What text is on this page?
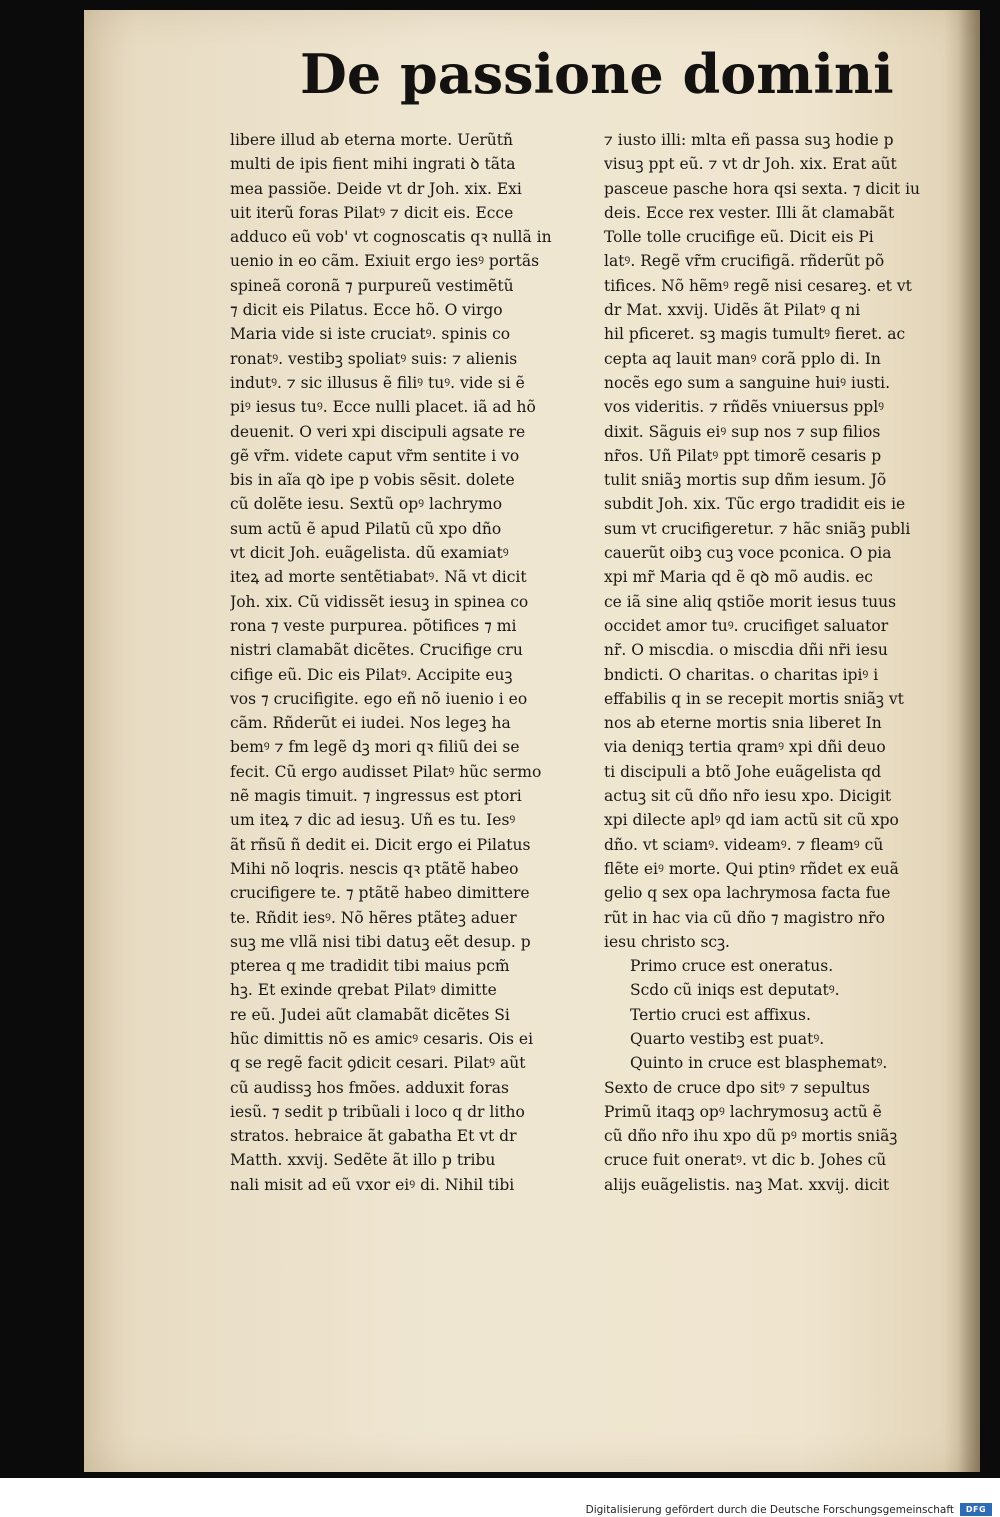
De passione domini
libere illud ab eterna morte. Uerũtñ
multi de ipis fient mihi ingrati ꝺ tãta
mea passiõe. Deide vt dr Joh. xix. Exi
uit iterũ foras Pilatꝰ ⁊ dicit eis. Ecce
adduco eũ vob' vt cognoscatis qꝛ nullã in
uenio in eo cãm. Exiuit ergo iesꝰ portãs
spineã coronã ⁊ purpureũ vestimẽtũ
⁊ dicit eis Pilatus. Ecce hõ. O virgo
Maria vide si iste cruciatꝰ. spinis co
ronatꝰ. vestibꝫ spoliatꝰ suis: ⁊ alienis
indutꝰ. ⁊ sic illusus ẽ filiꝰ tuꝰ. vide si ẽ
piꝰ iesus tuꝰ. Ecce nulli placet. iã ad hõ
deuenit. O veri xpi discipuli agsate re
gẽ vr̃m. videte caput vr̃m sentite i vo
bis in aĩa qꝺ ipe p vobis sẽsit. dolete
cũ dolẽte iesu. Sextũ opꝰ lachrymo
sum actũ ẽ apud Pilatũ cũ xpo dño
vt dicit Joh. euãgelista. dũ examiatꝰ
iteꝝ ad morte sentẽtiabatꝰ. Nã vt dicit
Joh. xix. Cũ vidissẽt iesuꝫ in spinea co
rona ⁊ veste purpurea. põtifices ⁊ mi
nistri clamabãt dicẽtes. Crucifige cru
cifige eũ. Dic eis Pilatꝰ. Accipite euꝫ
vos ⁊ crucifigite. ego eñ nõ iuenio i eo
cãm. Rñderũt ei iudei. Nos legeꝫ ha
bemꝰ ⁊ fm legẽ dꝫ mori qꝛ filiũ dei se
fecit. Cũ ergo audisset Pilatꝰ hũc sermo
nẽ magis timuit. ⁊ ingressus est ptori
um iteꝝ ⁊ dic ad iesuꝫ. Uñ es tu. Iesꝰ
ãt rñsũ ñ dedit ei. Dicit ergo ei Pilatus
Mihi nõ loqris. nescis qꝛ ptãtẽ habeo
crucifigere te. ⁊ ptãtẽ habeo dimittere
te. Rñdit iesꝰ. Nõ hẽres ptãteꝫ aduer
suꝫ me vllã nisi tibi datuꝫ eẽt desup. p
pterea q me tradidit tibi maius pcm̃
hꝫ. Et exinde qrebat Pilatꝰ dimitte
re eũ. Judei aũt clamabãt dicẽtes Si
hũc dimittis nõ es amicꝰ cesaris. Ois ei
q se regẽ facit ꝯdicit cesari. Pilatꝰ aũt
cũ audissꝫ hos fmões. adduxit foras
iesũ. ⁊ sedit p tribũali i loco q dr litho
stratos. hebraice ãt gabatha Et vt dr
Matth. xxvij. Sedẽte ãt illo p tribu
nali misit ad eũ vxor eiꝰ di. Nihil tibi
⁊ iusto illi: mlta eñ passa suꝫ hodie p
visuꝫ ppt eũ. ⁊ vt dr Joh. xix. Erat aũt
pasceue pasche hora qsi sexta. ⁊ dicit iu
deis. Ecce rex vester. Illi ãt clamabãt
Tolle tolle crucifige eũ. Dicit eis Pi
latꝰ. Regẽ vr̃m crucifigã. rñderũt põ
tifices. Nõ hẽmꝰ regẽ nisi cesareꝫ. et vt
dr Mat. xxvij. Uidẽs ãt Pilatꝰ q ni
hil pficeret. sꝫ magis tumultꝰ fieret. ac
cepta aq lauit manꝰ corã pplo di. In
nocẽs ego sum a sanguine huiꝰ iusti.
vos videritis. ⁊ rñdẽs vniuersus pplꝰ
dixit. Sãguis eiꝰ sup nos ⁊ sup filios
nr̃os. Uñ Pilatꝰ ppt timorẽ cesaris p
tulit sniãꝫ mortis sup dñm iesum. Jõ
subdit Joh. xix. Tũc ergo tradidit eis ie
sum vt crucifigeretur. ⁊ hãc sniãꝫ publi
cauerũt oibꝫ cuꝫ voce pconica. O pia
xpi mr̃ Maria qd ẽ qꝺ mõ audis. ec
ce iã sine aliq qstiõe morit iesus tuus
occidet amor tuꝰ. crucifiget saluator
nr̃. O miscdia. o miscdia dñi nr̃i iesu
bndicti. O charitas. o charitas ipiꝰ i
effabilis q in se recepit mortis sniãꝫ vt
nos ab eterne mortis snia liberet In
via deniqꝫ tertia qramꝰ xpi dñi deuo
ti discipuli a btõ Johe euãgelista qd
actuꝫ sit cũ dño nr̃o iesu xpo. Dicigit
xpi dilecte aplꝰ qd iam actũ sit cũ xpo
dño. vt sciamꝰ. videamꝰ. ⁊ fleamꝰ cũ
flẽte eiꝰ morte. Qui ptinꝰ rñdet ex euã
gelio q sex opa lachrymosa facta fue
rũt in hac via cũ dño ⁊ magistro nr̃o
iesu christo scꝫ.
Primo cruce est oneratus.
Scdo cũ iniqs est deputatꝰ.
Tertio cruci est affixus.
Quarto vestibꝫ est puatꝰ.
Quinto in cruce est blasphematꝰ.
Sexto de cruce dpo sitꝰ ⁊ sepultus
Primũ itaqꝫ opꝰ lachrymosuꝫ actũ ẽ
cũ dño nr̃o ihu xpo dũ pꝰ mortis sniãꝫ
cruce fuit oneratꝰ. vt dic b. Johes cũ
alijs euãgelistis. naꝫ Mat. xxvij. dicit
Digitalisierung gefördert durch die Deutsche Forschungsgemeinschaft	DFG
